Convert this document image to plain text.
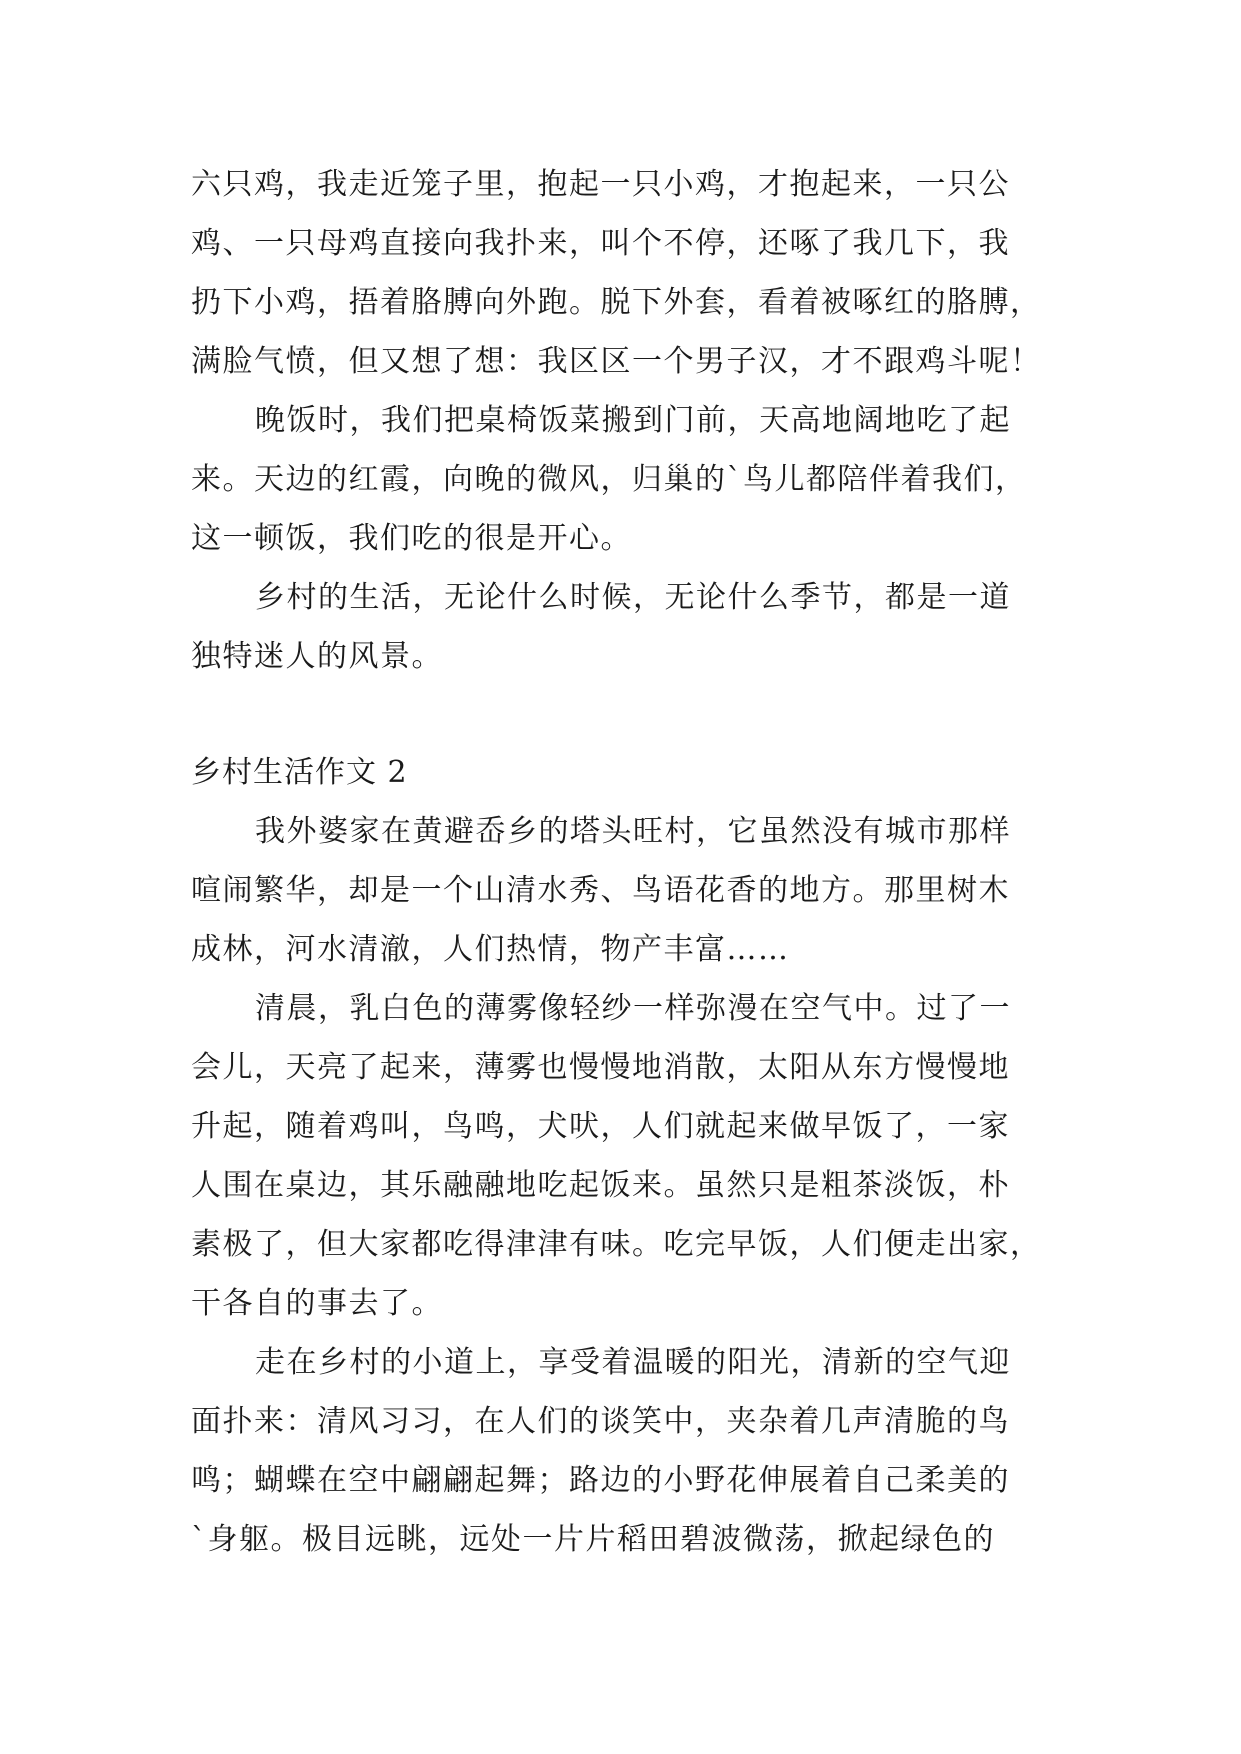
六只鸡，我走近笼子里，抱起一只小鸡，才抱起来，一只公
鸡、一只母鸡直接向我扑来，叫个不停，还啄了我几下，我
扔下小鸡，捂着胳膊向外跑。脱下外套，看着被啄红的胳膊，
满脸气愤，但又想了想：我区区一个男子汉，才不跟鸡斗呢！
晚饭时，我们把桌椅饭菜搬到门前，天高地阔地吃了起
来。天边的红霞，向晚的微风，归巢的`鸟儿都陪伴着我们，
这一顿饭，我们吃的很是开心。
乡村的生活，无论什么时候，无论什么季节，都是一道
独特迷人的风景。
乡村生活作文 2
我外婆家在黄避岙乡的塔头旺村，它虽然没有城市那样
喧闹繁华，却是一个山清水秀、鸟语花香的地方。那里树木
成林，河水清澈，人们热情，物产丰富……
清晨，乳白色的薄雾像轻纱一样弥漫在空气中。过了一
会儿，天亮了起来，薄雾也慢慢地消散，太阳从东方慢慢地
升起，随着鸡叫，鸟鸣，犬吠，人们就起来做早饭了，一家
人围在桌边，其乐融融地吃起饭来。虽然只是粗茶淡饭，朴
素极了，但大家都吃得津津有味。吃完早饭，人们便走出家，
干各自的事去了。
走在乡村的小道上，享受着温暖的阳光，清新的空气迎
面扑来：清风习习，在人们的谈笑中，夹杂着几声清脆的鸟
鸣；蝴蝶在空中翩翩起舞；路边的小野花伸展着自己柔美的
`身躯。极目远眺，远处一片片稻田碧波微荡，掀起绿色的
